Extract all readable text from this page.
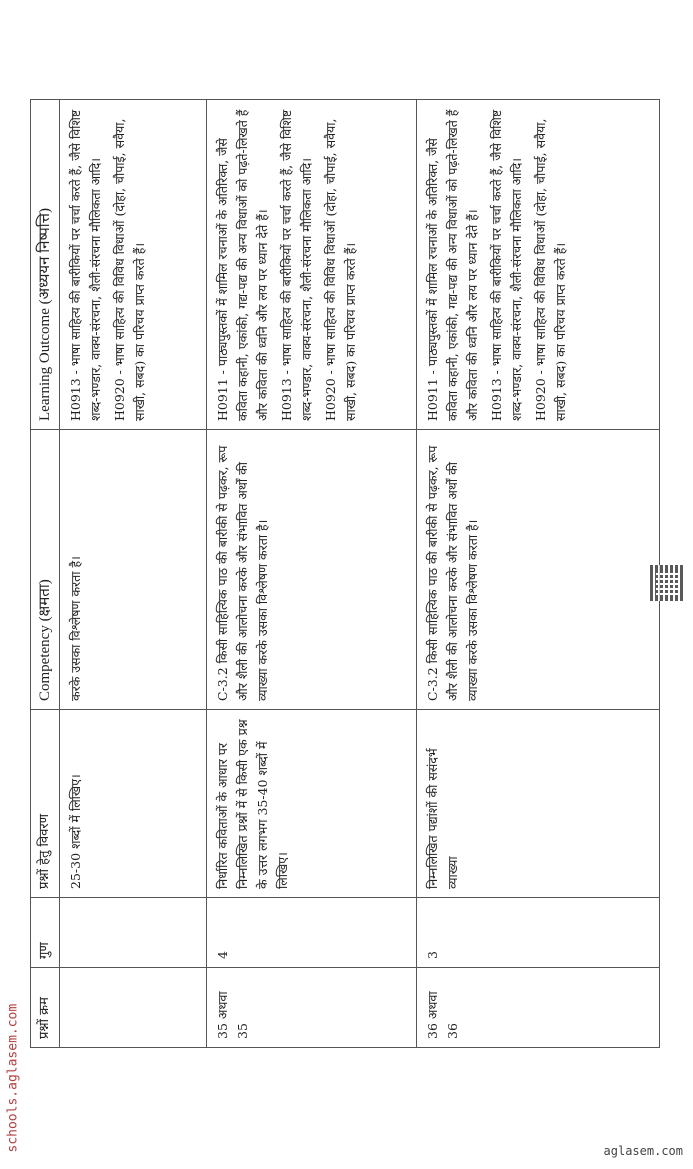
प्रश्नों क्रम	गुण	प्रश्नों हेतु विवरण	Competency (क्षमता)	Learning Outcome (अध्ययन निष्पत्ति)
		25-30 शब्दों में लिखिए।	करके उसका विश्लेषण करता है।	H0913 - भाषा साहित्य की बारीकियों पर चर्चा करते हैं, जैसे विशिष्ट शब्द-भण्डार, वाक्य-संरचना, शैली-संरचना मौलिकता आदि। H0920 - भाषा साहित्य की विविध विधाओं (दोहा, चौपाई, सवैया, साखी, सबद) का परिचय प्राप्त करते हैं।

35 अथवा 35	4	निर्धारित कविताओं के आधार पर निम्नलिखित प्रश्नों में से किसी एक प्रश्न के उत्तर लगभग 35-40 शब्दों में लिखिए।	C-3.2 किसी साहित्यिक पाठ की बारीकी से पढ़कर, रूप और शैली की आलोचना करके और संभावित अर्थों की व्याख्या करके उसका विश्लेषण करता है।	H0911 - पाठ्यपुस्तकों में शामिल रचनाओं के अतिरिक्त, जैसे कविता कहानी, एकांकी, गद्य-पद्य की अन्य विधाओं को पढ़ते-लिखते हैं और कविता की ध्वनि और लय पर ध्यान देते हैं। H0913 - भाषा साहित्य की बारीकियों पर चर्चा करते हैं, जैसे विशिष्ट शब्द-भण्डार, वाक्य-संरचना, शैली-संरचना मौलिकता आदि। H0920 - भाषा साहित्य की विविध विधाओं (दोहा, चौपाई, सवैया, साखी, सबद) का परिचय प्राप्त करते हैं।

36 अथवा 36	3	निम्नलिखित पद्यांशों की ससंदर्भ व्याख्या	C-3.2 किसी साहित्यिक पाठ की बारीकी से पढ़कर, रूप और शैली की आलोचना करके और संभावित अर्थों की व्याख्या करके उसका विश्लेषण करता है।	H0911 - पाठ्यपुस्तकों में शामिल रचनाओं के अतिरिक्त, जैसे कविता कहानी, एकांकी, गद्य-पद्य की अन्य विधाओं को पढ़ते-लिखते हैं और कविता की ध्वनि और लय पर ध्यान देते हैं। H0913 - भाषा साहित्य की बारीकियों पर चर्चा करते हैं, जैसे विशिष्ट शब्द-भण्डार, वाक्य-संरचना, शैली-संरचना मौलिकता आदि। H0920 - भाषा साहित्य की विविध विधाओं (दोहा, चौपाई, सवैया, साखी, सबद) का परिचय प्राप्त करते हैं।

schools.aglasem.com	aglasem.com
